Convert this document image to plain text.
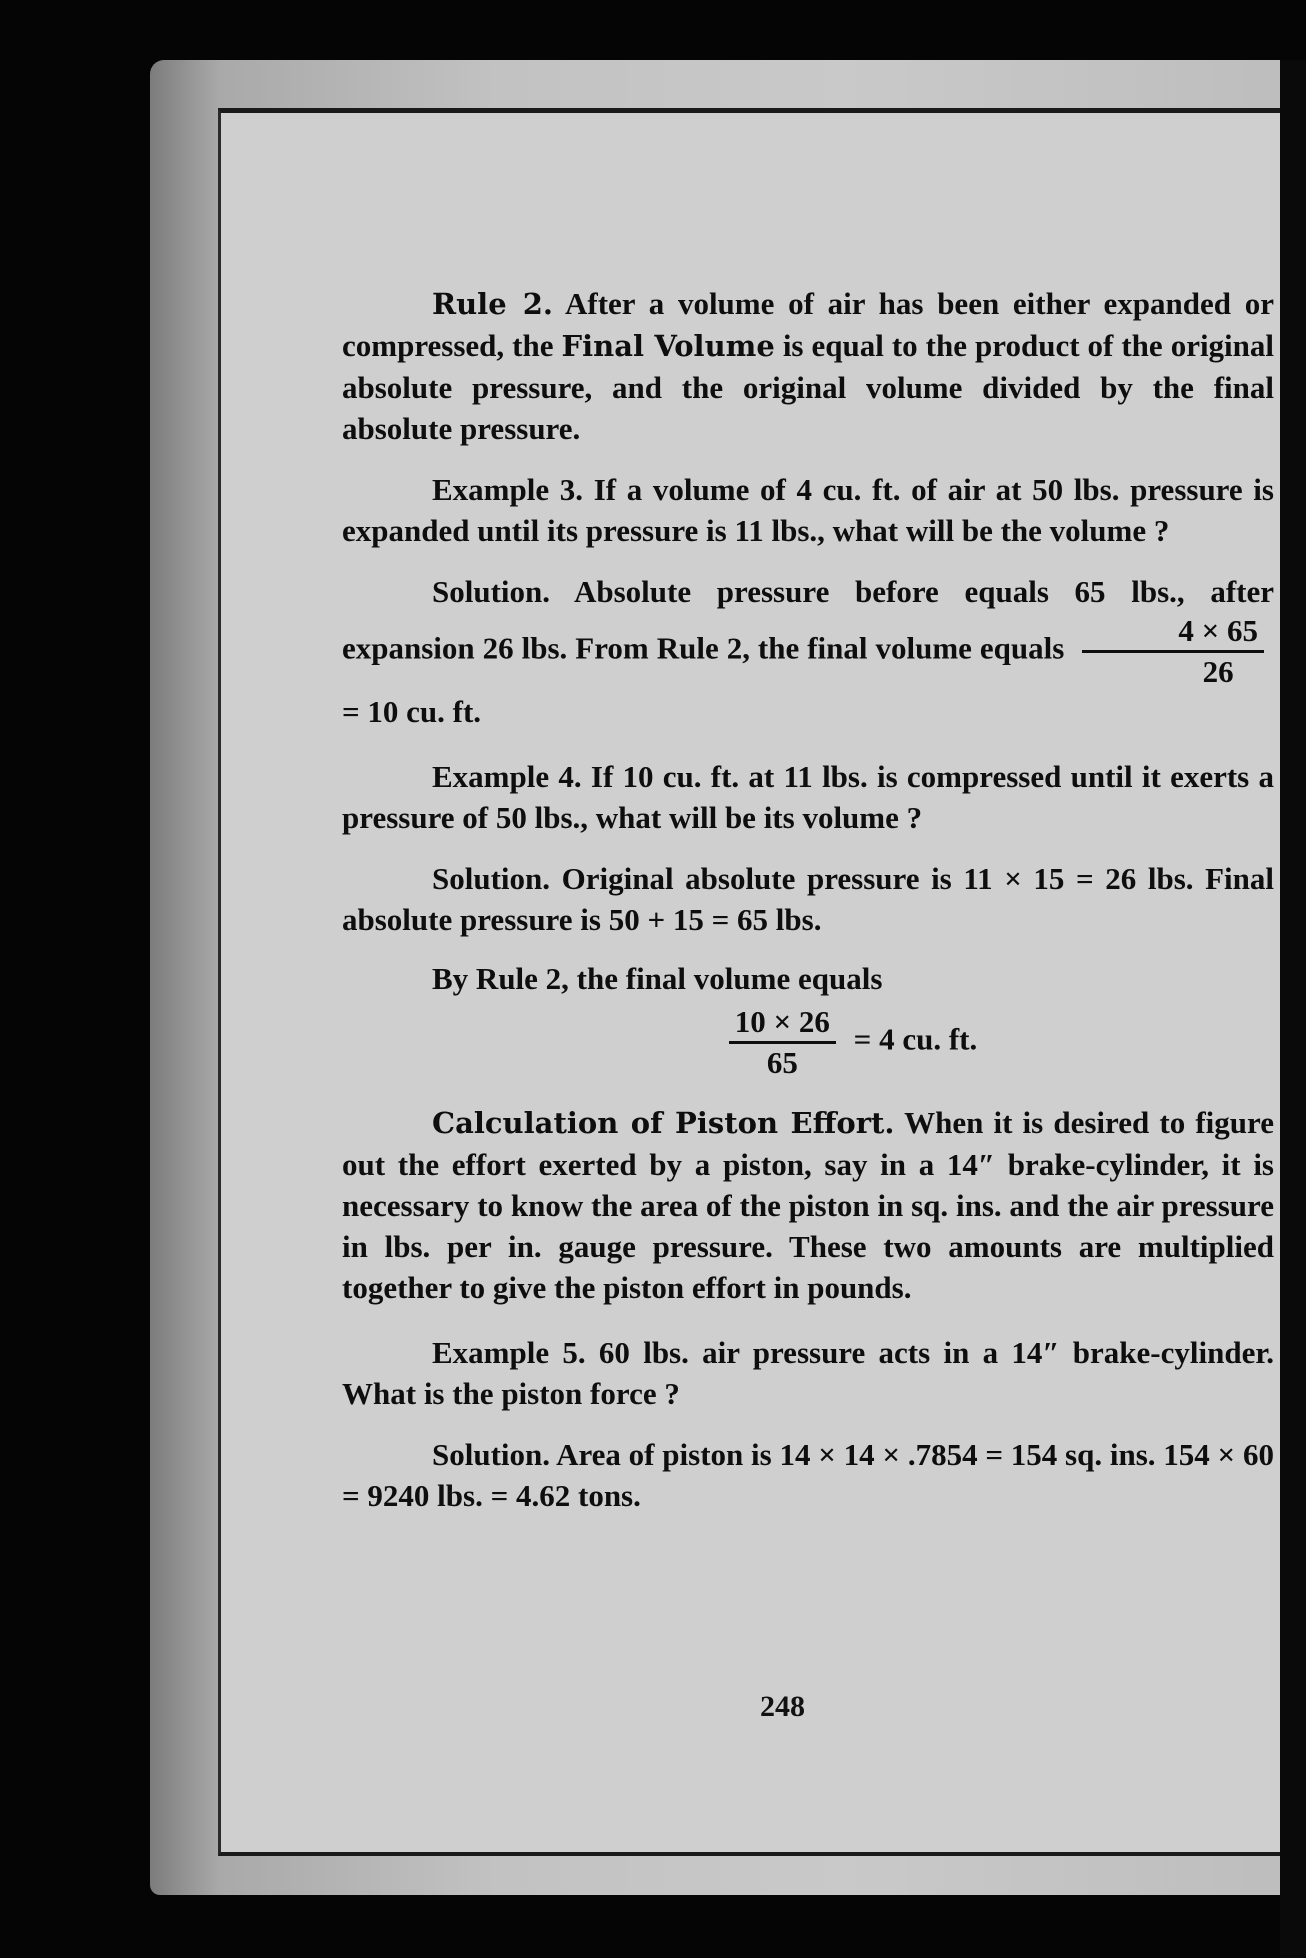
Rule 2. After a volume of air has been either expanded or compressed, the Final Volume is equal to the product of the original absolute pressure, and the original volume divided by the final absolute pressure.

Example 3. If a volume of 4 cu. ft. of air at 50 lbs. pressure is expanded until its pressure is 11 lbs., what will be the volume ?

Solution. Absolute pressure before equals 65 lbs., after expansion 26 lbs. From Rule 2, the final volume equals $\frac{4 \times 65}{26}$
= 10 cu. ft.

Example 4. If 10 cu. ft. at 11 lbs. is compressed until it exerts a pressure of 50 lbs., what will be its volume ?

Solution. Original absolute pressure is 11 × 15 = 26 lbs. Final absolute pressure is 50 + 15 = 65 lbs.

By Rule 2, the final volume equals

$\frac{10 \times 26}{65} = 4$ cu. ft.

Calculation of Piston Effort. When it is desired to figure out the effort exerted by a piston, say in a 14″ brake-cylinder, it is necessary to know the area of the piston in sq. ins. and the air pressure in lbs. per in. gauge pressure. These two amounts are multiplied together to give the piston effort in pounds.

Example 5. 60 lbs. air pressure acts in a 14″ brake-cylinder. What is the piston force ?

Solution. Area of piston is 14 × 14 × .7854 = 154 sq. ins. 154 × 60 = 9240 lbs. = 4.62 tons.

248
